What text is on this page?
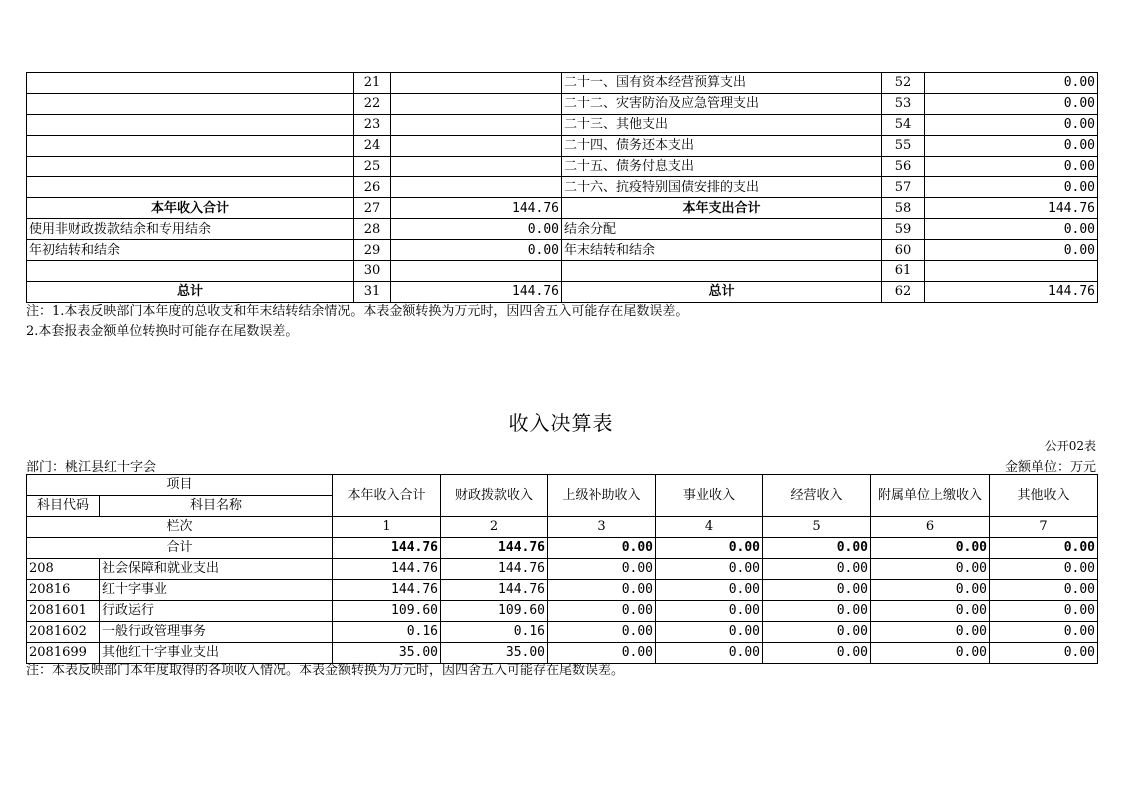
	21		二十一、国有资本经营预算支出	52	0.00
	22		二十二、灾害防治及应急管理支出	53	0.00
	23		二十三、其他支出	54	0.00
	24		二十四、债务还本支出	55	0.00
	25		二十五、债务付息支出	56	0.00
	26		二十六、抗疫特别国债安排的支出	57	0.00
本年收入合计	27	144.76	本年支出合计	58	144.76
使用非财政拨款结余和专用结余	28	0.00	结余分配	59	0.00
年初结转和结余	29	0.00	年末结转和结余	60	0.00
	30			61	
总计	31	144.76	总计	62	144.76
注：1.本表反映部门本年度的总收支和年末结转结余情况。本表金额转换为万元时，因四舍五入可能存在尾数误差。
2.本套报表金额单位转换时可能存在尾数误差。
收入决算表
公开02表
部门：桃江县红十字会	金额单位：万元
项目		本年收入合计	财政拨款收入	上级补助收入	事业收入	经营收入	附属单位上缴收入	其他收入
科目代码	科目名称							
栏次		1	2	3	4	5	6	7
合计		144.76	144.76	0.00	0.00	0.00	0.00	0.00
208	社会保障和就业支出	144.76	144.76	0.00	0.00	0.00	0.00	0.00
20816	红十字事业	144.76	144.76	0.00	0.00	0.00	0.00	0.00
2081601	行政运行	109.60	109.60	0.00	0.00	0.00	0.00	0.00
2081602	一般行政管理事务	0.16	0.16	0.00	0.00	0.00	0.00	0.00
2081699	其他红十字事业支出	35.00	35.00	0.00	0.00	0.00	0.00	0.00
注：本表反映部门本年度取得的各项收入情况。本表金额转换为万元时，因四舍五入可能存在尾数误差。
